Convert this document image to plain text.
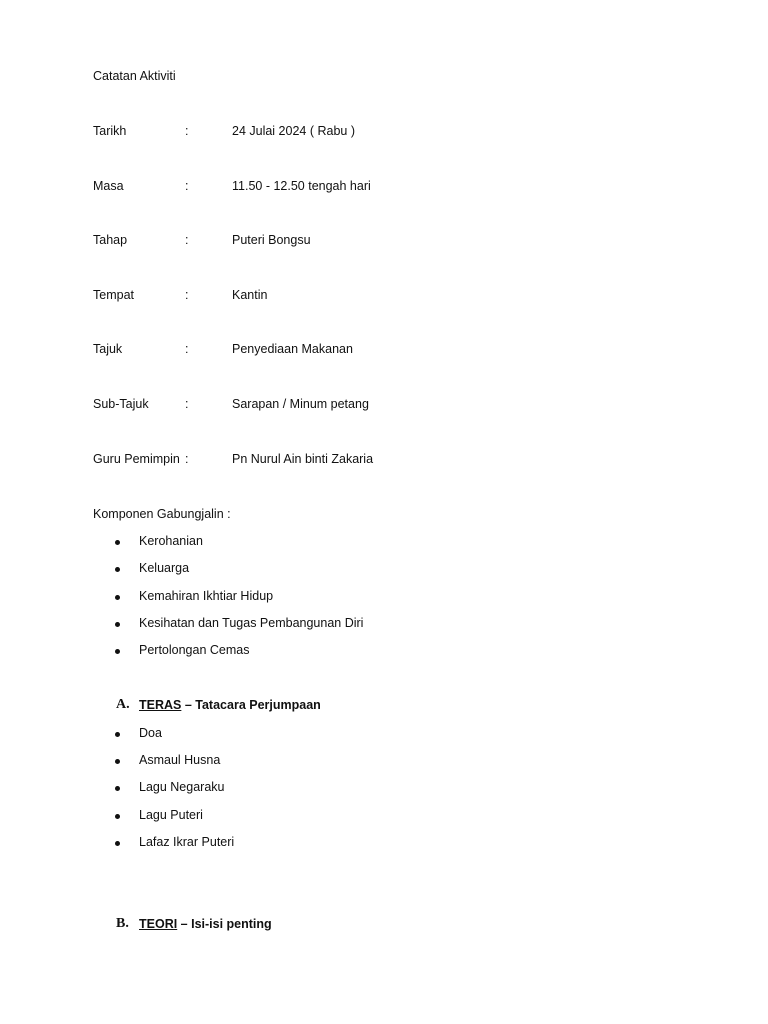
Catatan Aktiviti
Tarikh	:	24 Julai 2024 ( Rabu )
Masa	:	11.50 - 12.50 tengah hari
Tahap	:	Puteri Bongsu
Tempat	:	Kantin
Tajuk	:	Penyediaan Makanan
Sub-Tajuk	:	Sarapan / Minum petang
Guru Pemimpin :	Pn Nurul Ain binti Zakaria
Komponen Gabungjalin :
Kerohanian
Keluarga
Kemahiran Ikhtiar Hidup
Kesihatan dan Tugas Pembangunan Diri
Pertolongan Cemas
A. TERAS – Tatacara Perjumpaan
Doa
Asmaul Husna
Lagu Negaraku
Lagu Puteri
Lafaz Ikrar Puteri
B. TEORI – Isi-isi penting
